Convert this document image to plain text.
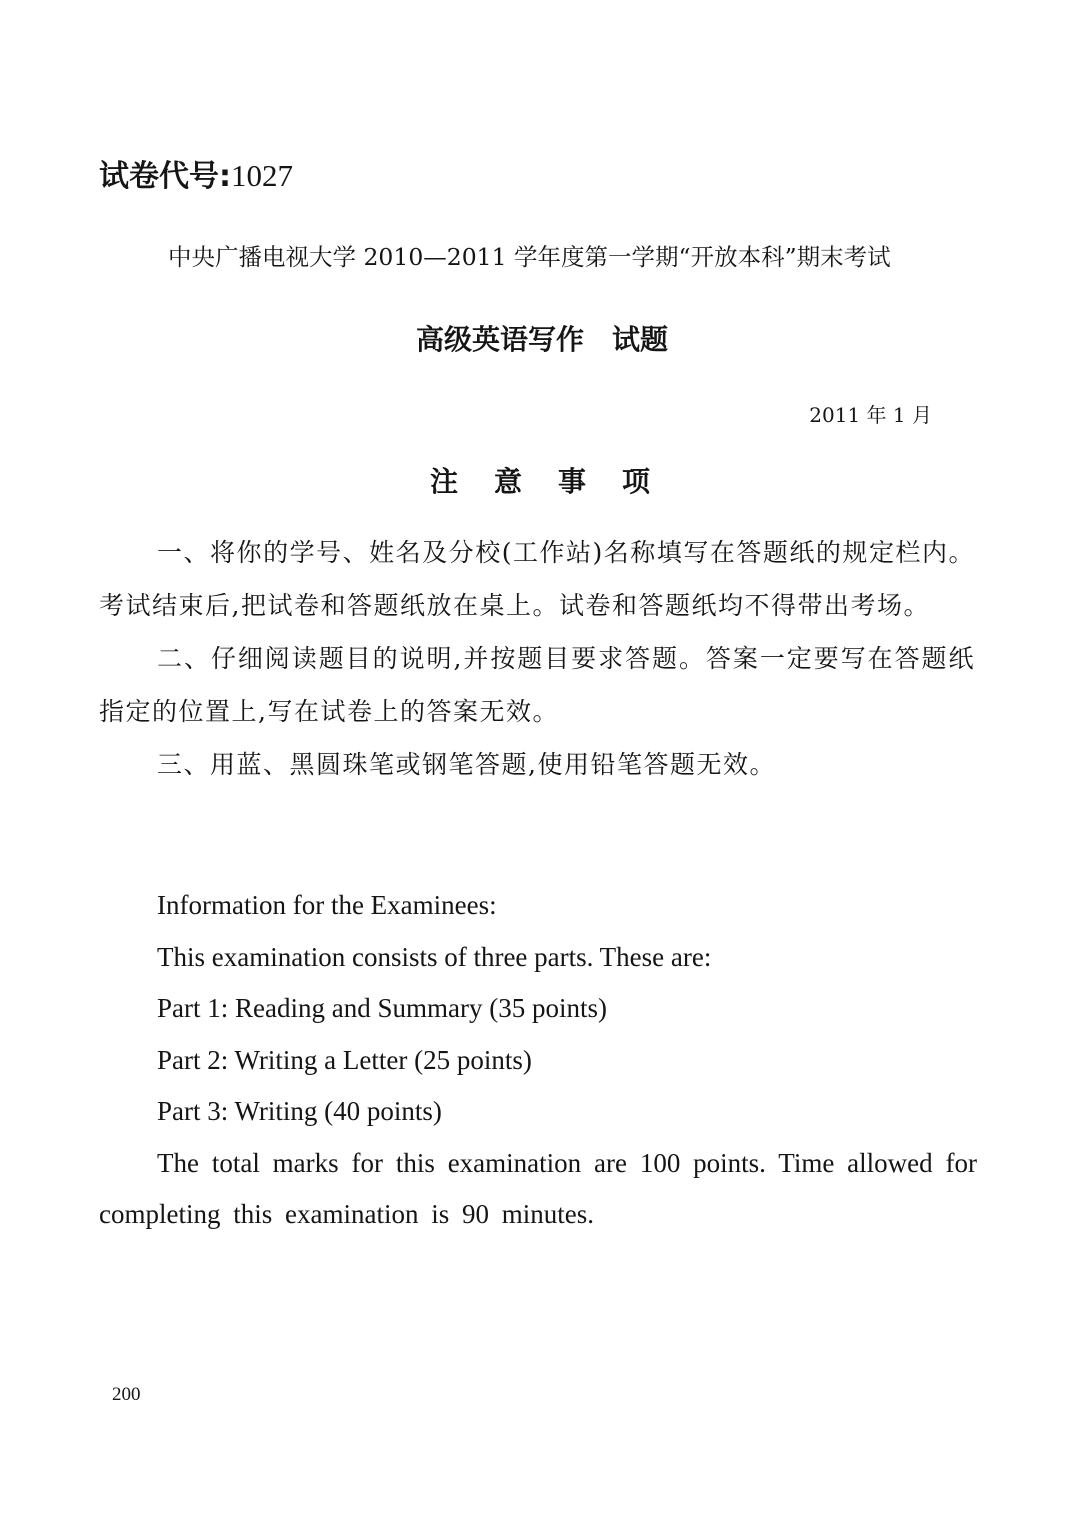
试卷代号:1027
中央广播电视大学 2010—2011 学年度第一学期“开放本科”期末考试
高级英语写作　试题
2011 年 1 月
注意事项

一、将你的学号、姓名及分校(工作站)名称填写在答题纸的规定栏内。考试结束后,把试卷和答题纸放在桌上。试卷和答题纸均不得带出考场。

二、仔细阅读题目的说明,并按题目要求答题。答案一定要写在答题纸指定的位置上,写在试卷上的答案无效。

三、用蓝、黑圆珠笔或钢笔答题,使用铅笔答题无效。

Information for the Examinees:

This examination consists of three parts. These are:

Part 1: Reading and Summary (35 points)

Part 2: Writing a Letter (25 points)

Part 3: Writing (40 points)

The total marks for this examination are 100 points. Time allowed for completing this examination is 90 minutes.

200
